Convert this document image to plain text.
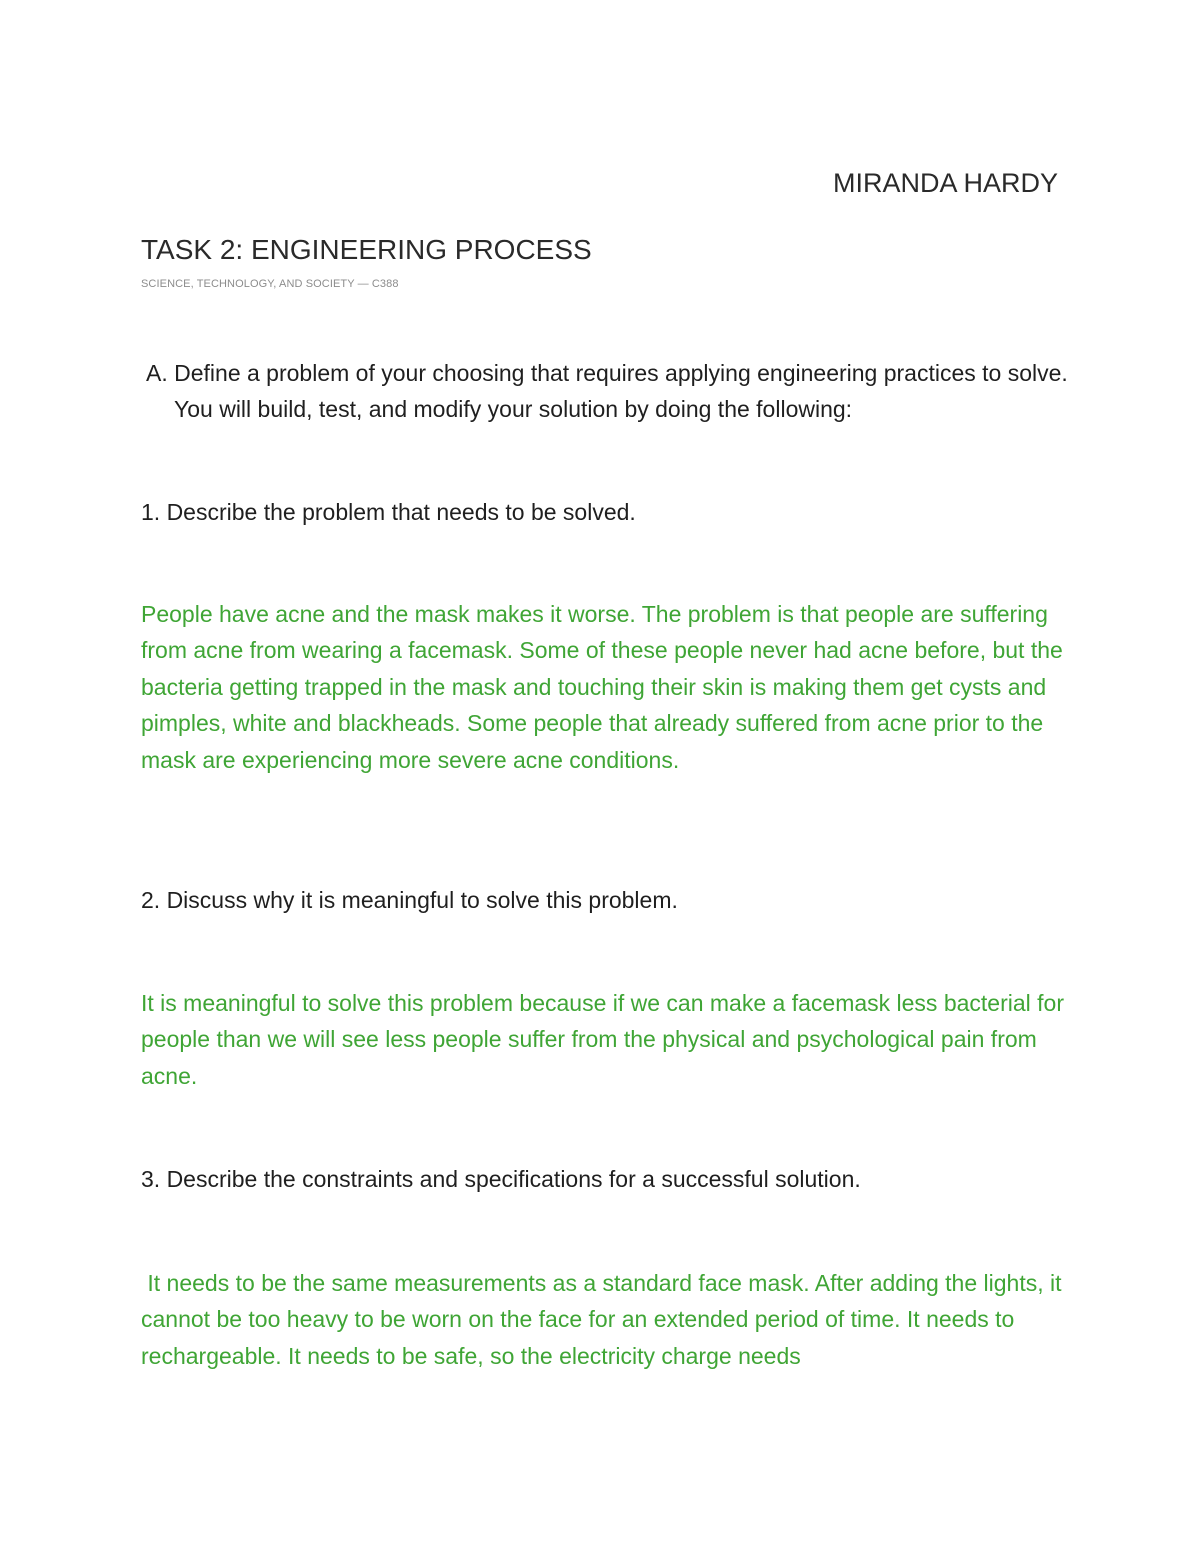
MIRANDA HARDY
TASK 2: ENGINEERING PROCESS
SCIENCE, TECHNOLOGY, AND SOCIETY — C388
A. Define a problem of your choosing that requires applying engineering practices to solve. You will build, test, and modify your solution by doing the following:
1. Describe the problem that needs to be solved.
People have acne and the mask makes it worse. The problem is that people are suffering from acne from wearing a facemask. Some of these people never had acne before, but the bacteria getting trapped in the mask and touching their skin is making them get cysts and pimples, white and blackheads. Some people that already suffered from acne prior to the mask are experiencing more severe acne conditions.
2. Discuss why it is meaningful to solve this problem.
It is meaningful to solve this problem because if we can make a facemask less bacterial for people than we will see less people suffer from the physical and psychological pain from acne.
3. Describe the constraints and specifications for a successful solution.
It needs to be the same measurements as a standard face mask. After adding the lights, it cannot be too heavy to be worn on the face for an extended period of time. It needs to rechargeable. It needs to be safe, so the electricity charge needs
